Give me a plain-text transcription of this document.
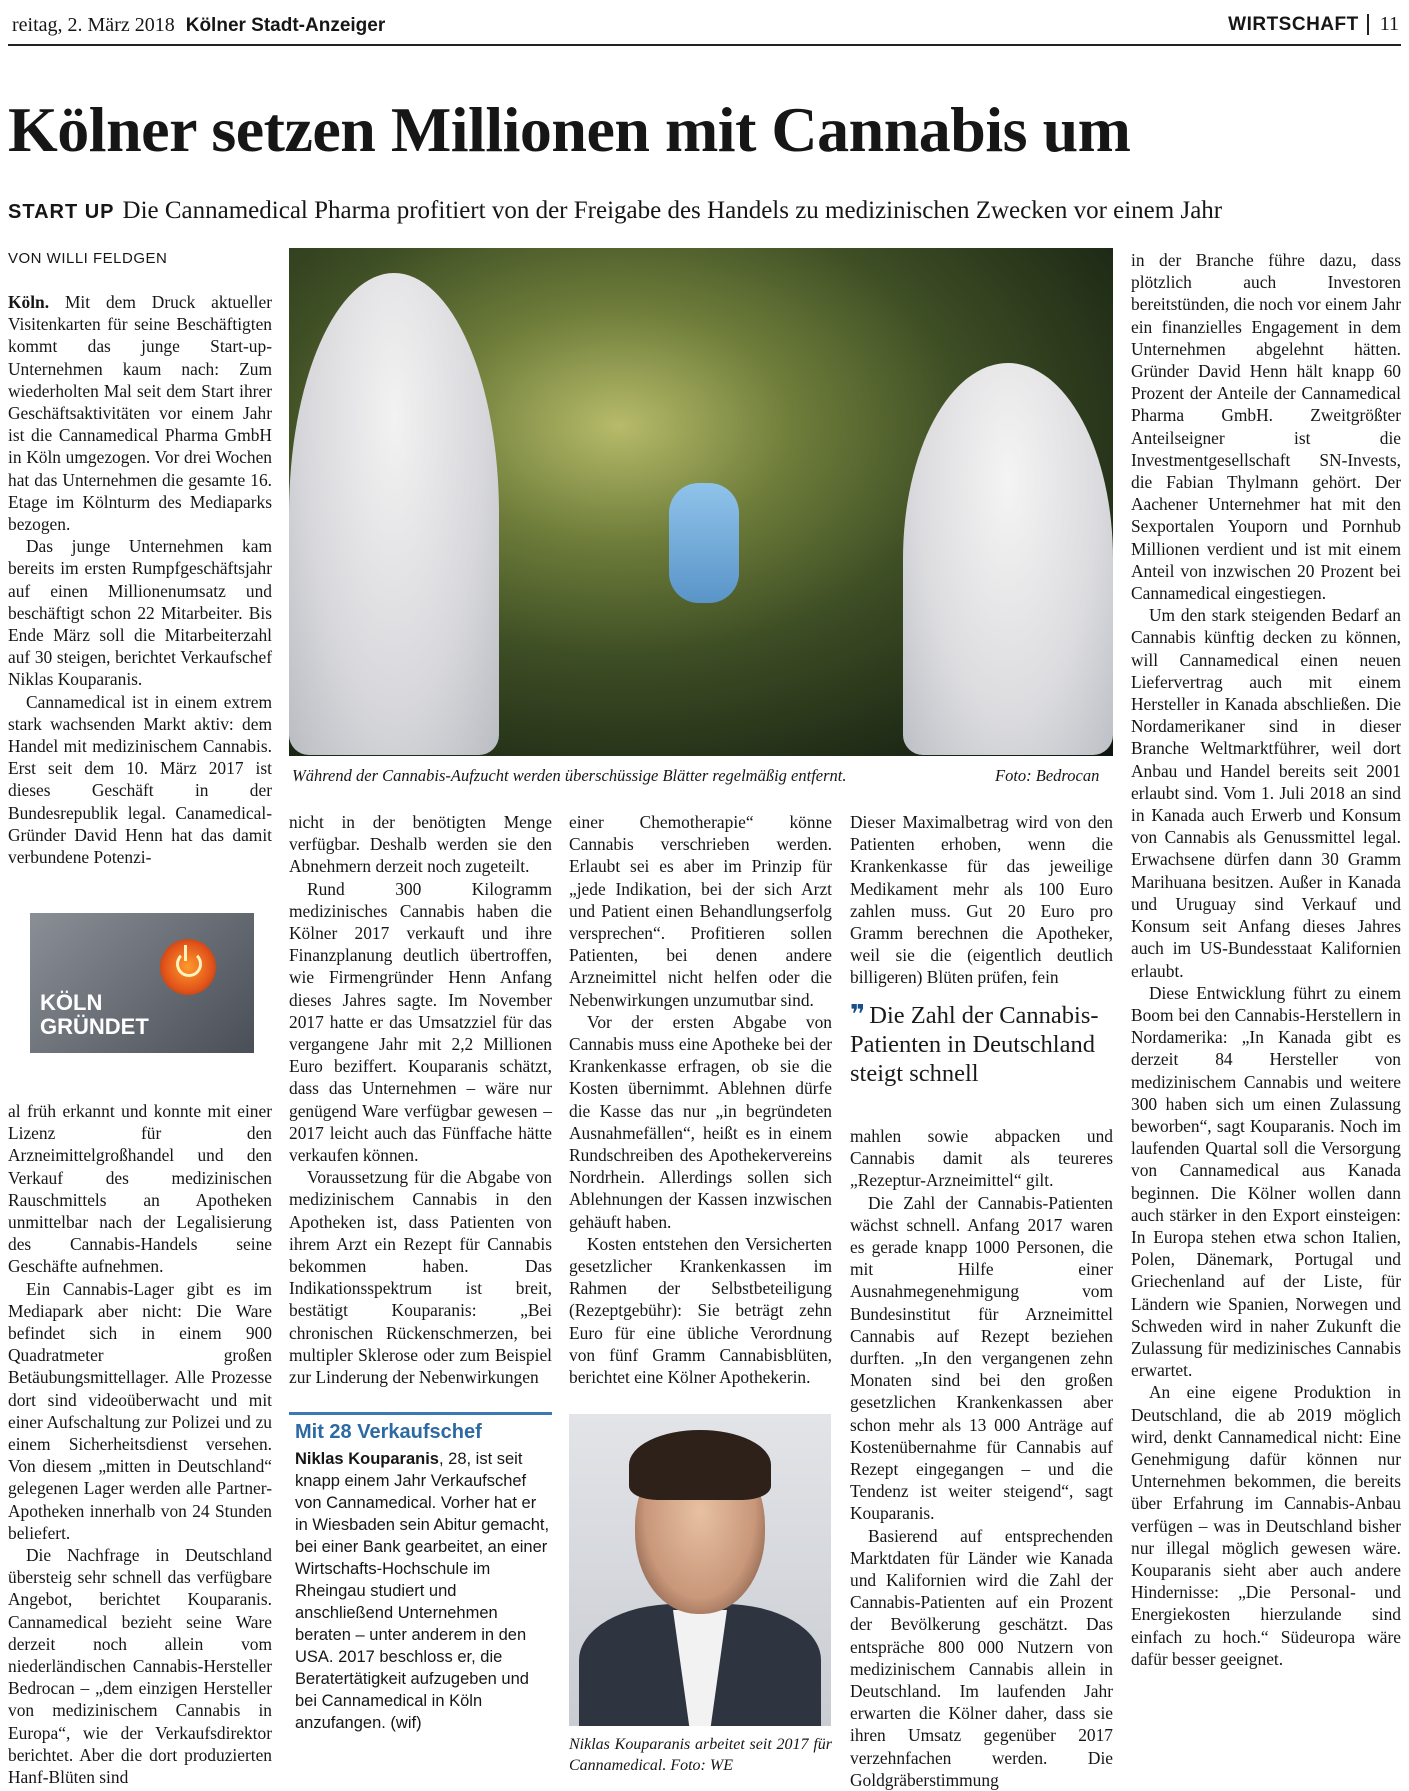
reitag, 2. März 2018 Kölner Stadt-Anzeiger	WIRTSCHAFT 11
Kölner setzen Millionen mit Cannabis um
START UP Die Cannamedical Pharma profitiert von der Freigabe des Handels zu medizinischen Zwecken vor einem Jahr
VON WILLI FELDGEN

Köln. Mit dem Druck aktueller Visitenkarten für seine Beschäftigten kommt das junge Start-up-Unternehmen kaum nach: Zum wiederholten Mal seit dem Start ihrer Geschäftsaktivitäten vor einem Jahr ist die Cannamedical Pharma GmbH in Köln umgezogen. Vor drei Wochen hat das Unternehmen die gesamte 16. Etage im Kölnturm des Mediaparks bezogen.

Das junge Unternehmen kam bereits im ersten Rumpfgeschäftsjahr auf einen Millionenumsatz und beschäftigt schon 22 Mitarbeiter. Bis Ende März soll die Mitarbeiterzahl auf 30 steigen, berichtet Verkaufschef Niklas Kouparanis.

Cannamedical ist in einem extrem stark wachsenden Markt aktiv: dem Handel mit medizinischem Cannabis. Erst seit dem 10. März 2017 ist dieses Geschäft in der Bundesrepublik legal. Canamedical-Gründer David Henn hat das damit verbundene Potenzi-

KÖLN
GRÜNDET

al früh erkannt und konnte mit einer Lizenz für den Arzneimittelgroßhandel und den Verkauf des medizinischen Rauschmittels an Apotheken unmittelbar nach der Legalisierung des Cannabis-Handels seine Geschäfte aufnehmen.

Ein Cannabis-Lager gibt es im Mediapark aber nicht: Die Ware befindet sich in einem 900 Quadratmeter großen Betäubungsmittellager. Alle Prozesse dort sind videoüberwacht und mit einer Aufschaltung zur Polizei und zu einem Sicherheitsdienst versehen. Von diesem „mitten in Deutschland“ gelegenen Lager werden alle Partner-Apotheken innerhalb von 24 Stunden beliefert.

Die Nachfrage in Deutschland übersteig sehr schnell das verfügbare Angebot, berichtet Kouparanis. Cannamedical bezieht seine Ware derzeit noch allein vom niederländischen Cannabis-Hersteller Bedrocan – „dem einzigen Hersteller von medizinischem Cannabis in Europa“, wie der Verkaufsdirektor berichtet. Aber die dort produzierten Hanf-Blüten sind

Während der Cannabis-Aufzucht werden überschüssige Blätter regelmäßig entfernt.	Foto: Bedrocan

nicht in der benötigten Menge verfügbar. Deshalb werden sie den Abnehmern derzeit noch zugeteilt.

Rund 300 Kilogramm medizinisches Cannabis haben die Kölner 2017 verkauft und ihre Finanzplanung deutlich übertroffen, wie Firmengründer Henn Anfang dieses Jahres sagte. Im November 2017 hatte er das Umsatzziel für das vergangene Jahr mit 2,2 Millionen Euro beziffert. Kouparanis schätzt, dass das Unternehmen – wäre nur genügend Ware verfügbar gewesen – 2017 leicht auch das Fünffache hätte verkaufen können.

Voraussetzung für die Abgabe von medizinischem Cannabis in den Apotheken ist, dass Patienten von ihrem Arzt ein Rezept für Cannabis bekommen haben. Das Indikationsspektrum ist breit, bestätigt Kouparanis: „Bei chronischen Rückenschmerzen, bei multipler Sklerose oder zum Beispiel zur Linderung der Nebenwirkungen

einer Chemotherapie“ könne Cannabis verschrieben werden. Erlaubt sei es aber im Prinzip für „jede Indikation, bei der sich Arzt und Patient einen Behandlungserfolg versprechen“. Profitieren sollen Patienten, bei denen andere Arzneimittel nicht helfen oder die Nebenwirkungen unzumutbar sind.

Vor der ersten Abgabe von Cannabis muss eine Apotheke bei der Krankenkasse erfragen, ob sie die Kosten übernimmt. Ablehnen dürfe die Kasse das nur „in begründeten Ausnahmefällen“, heißt es in einem Rundschreiben des Apothekervereins Nordrhein. Allerdings sollen sich Ablehnungen der Kassen inzwischen gehäuft haben.

Kosten entstehen den Versicherten gesetzlicher Krankenkassen im Rahmen der Selbstbeteiligung (Rezeptgebühr): Sie beträgt zehn Euro für eine übliche Verordnung von fünf Gramm Cannabisblüten, berichtet eine Kölner Apothekerin.

Dieser Maximalbetrag wird von den Patienten erhoben, wenn die Krankenkasse für das jeweilige Medikament mehr als 100 Euro zahlen muss. Gut 20 Euro pro Gramm berechnen die Apotheker, weil sie die (eigentlich deutlich billigeren) Blüten prüfen, fein

❞ Die Zahl der Cannabis-Patienten in Deutschland steigt schnell

mahlen sowie abpacken und Cannabis damit als teureres „Rezeptur-Arzneimittel“ gilt.

Die Zahl der Cannabis-Patienten wächst schnell. Anfang 2017 waren es gerade knapp 1000 Personen, die mit Hilfe einer Ausnahmegenehmigung vom Bundesinstitut für Arzneimittel Cannabis auf Rezept beziehen durften. „In den vergangenen zehn Monaten sind bei den großen gesetzlichen Krankenkassen aber schon mehr als 13 000 Anträge auf Kostenübernahme für Cannabis auf Rezept eingegangen – und die Tendenz ist weiter steigend“, sagt Kouparanis.

Basierend auf entsprechenden Marktdaten für Länder wie Kanada und Kalifornien wird die Zahl der Cannabis-Patienten auf ein Prozent der Bevölkerung geschätzt. Das entspräche 800 000 Nutzern von medizinischem Cannabis allein in Deutschland. Im laufenden Jahr erwarten die Kölner daher, dass sie ihren Umsatz gegenüber 2017 verzehnfachen werden. Die Goldgräberstimmung

in der Branche führe dazu, dass plötzlich auch Investoren bereitstünden, die noch vor einem Jahr ein finanzielles Engagement in dem Unternehmen abgelehnt hätten. Gründer David Henn hält knapp 60 Prozent der Anteile der Cannamedical Pharma GmbH. Zweitgrößter Anteilseigner ist die Investmentgesellschaft SN-Invests, die Fabian Thylmann gehört. Der Aachener Unternehmer hat mit den Sexportalen Youporn und Pornhub Millionen verdient und ist mit einem Anteil von inzwischen 20 Prozent bei Cannamedical eingestiegen.

Um den stark steigenden Bedarf an Cannabis künftig decken zu können, will Cannamedical einen neuen Liefervertrag auch mit einem Hersteller in Kanada abschließen. Die Nordamerikaner sind in dieser Branche Weltmarktführer, weil dort Anbau und Handel bereits seit 2001 erlaubt sind. Vom 1. Juli 2018 an sind in Kanada auch Erwerb und Konsum von Cannabis als Genussmittel legal. Erwachsene dürfen dann 30 Gramm Marihuana besitzen. Außer in Kanada und Uruguay sind Verkauf und Konsum seit Anfang dieses Jahres auch im US-Bundesstaat Kalifornien erlaubt.

Diese Entwicklung führt zu einem Boom bei den Cannabis-Herstellern in Nordamerika: „In Kanada gibt es derzeit 84 Hersteller von medizinischem Cannabis und weitere 300 haben sich um einen Zulassung beworben“, sagt Kouparanis. Noch im laufenden Quartal soll die Versorgung von Cannamedical aus Kanada beginnen. Die Kölner wollen dann auch stärker in den Export einsteigen: In Europa stehen etwa schon Italien, Polen, Dänemark, Portugal und Griechenland auf der Liste, für Ländern wie Spanien, Norwegen und Schweden wird in naher Zukunft die Zulassung für medizinisches Cannabis erwartet.

An eine eigene Produktion in Deutschland, die ab 2019 möglich wird, denkt Cannamedical nicht: Eine Genehmigung dafür können nur Unternehmen bekommen, die bereits über Erfahrung im Cannabis-Anbau verfügen – was in Deutschland bisher nur illegal möglich gewesen wäre. Kouparanis sieht aber auch andere Hindernisse: „Die Personal- und Energiekosten hierzulande sind einfach zu hoch.“ Südeuropa wäre dafür besser geeignet.

Mit 28 Verkaufschef

Niklas Kouparanis, 28, ist seit knapp einem Jahr Verkaufschef von Cannamedical. Vorher hat er in Wiesbaden sein Abitur gemacht, bei einer Bank gearbeitet, an einer Wirtschafts-Hochschule im Rheingau studiert und anschließend Unternehmen beraten – unter anderem in den USA. 2017 beschloss er, die Beratertätigkeit aufzugeben und bei Cannamedical in Köln anzufangen. (wif)

Niklas Kouparanis arbeitet seit 2017 für Cannamedical. Foto: WE
